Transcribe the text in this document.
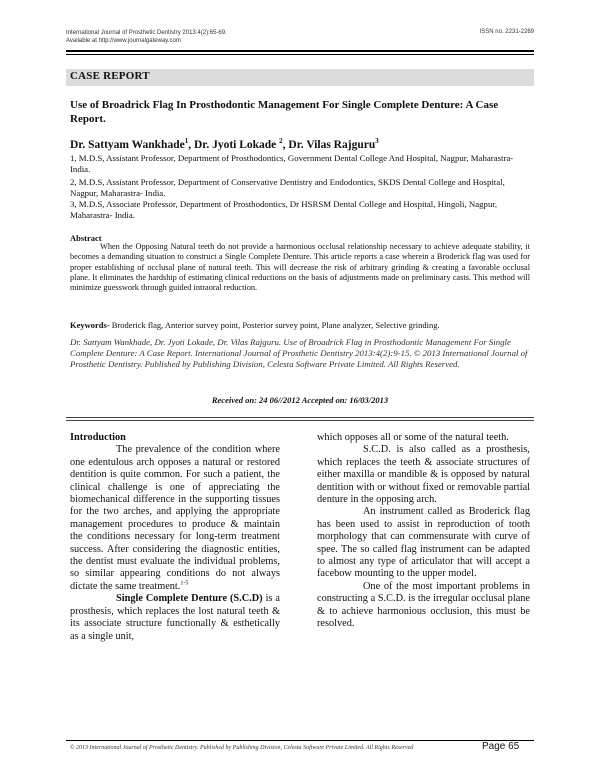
International Journal of Prosthetic Dentistry 2013:4(2):65-69.
Available at http://www.journalgateway.com
ISSN no. 2231-2269
CASE REPORT
Use of Broadrick Flag In Prosthodontic Management For Single Complete Denture: A Case Report.
Dr. Sattyam Wankhade$^1$, Dr. Jyoti Lokade $^2$, Dr. Vilas Rajguru$^3$
1, M.D.S, Assistant Professor, Department of Prosthodontics, Government Dental College And Hospital, Nagpur, Maharastra- India.
2, M.D.S, Assistant Professor, Department of Conservative Dentistry and Endodontics, SKDS Dental College and Hospital, Nagpur, Maharastra- India.
3, M.D.S, Associate Professor, Department of Prosthodontics, Dr HSRSM Dental College and Hospital, Hingoli, Nagpur, Maharastra- India.
Abstract
When the Opposing Natural teeth do not provide a harmonious occlusal relationship necessary to achieve adequate stability, it becomes a demanding situation to construct a Single Complete Denture. This article reports a case wherein a Broderick flag was used for proper establishing of occlusal plane of natural teeth. This will decrease the risk of arbitrary grinding & creating a favorable occlusal plane. It eliminates the hardship of estimating clinical reductions on the basis of adjustments made on preliminary casts. This method will minimize guesswork through guided intraoral reduction.
Keywords- Broderick flag, Anterior survey point, Posterior survey point, Plane analyzer, Selective grinding.
Dr. Sattyam Wankhade, Dr. Jyoti Lokade, Dr. Vilas Rajguru. Use of Broadrick Flag in Prosthodontic Management For Single Complete Denture: A Case Report. International Journal of Prosthetic Dentistry 2013:4(2):9-15. © 2013 International Journal of Prosthetic Dentistry. Published by Publishing Division, Celesta Software Private Limited. All Rights Reserved.
Received on: 24 06//2012 Accepted on: 16/03/2013

Introduction

The prevalence of the condition where one edentulous arch opposes a natural or restored dentition is quite common. For such a patient, the clinical challenge is one of appreciating the biomechanical difference in the supporting tissues for the two arches, and applying the appropriate management procedures to produce & maintain the conditions necessary for long-term treatment success. After considering the diagnostic entities, the dentist must evaluate the individual problems, so similar appearing conditions do not always dictate the same treatment.$^{1-5}$

Single Complete Denture (S.C.D) is a prosthesis, which replaces the lost natural teeth & its associate structure functionally & esthetically as a single unit,

which opposes all or some of the natural teeth.

S.C.D. is also called as a prosthesis, which replaces the teeth & associate structures of either maxilla or mandible & is opposed by natural dentition with or without fixed or removable partial denture in the opposing arch.

An instrument called as Broderick flag has been used to assist in reproduction of tooth morphology that can commensurate with curve of spee. The so called flag instrument can be adapted to almost any type of articulator that will accept a facebow mounting to the upper model.

One of the most important problems in constructing a S.C.D. is the irregular occlusal plane & to achieve harmonious occlusion, this must be resolved.

© 2013 International Journal of Prosthetic Dentistry. Published by Publishing Division, Celesta Software Private Limited. All Rights Reserved	Page 65
